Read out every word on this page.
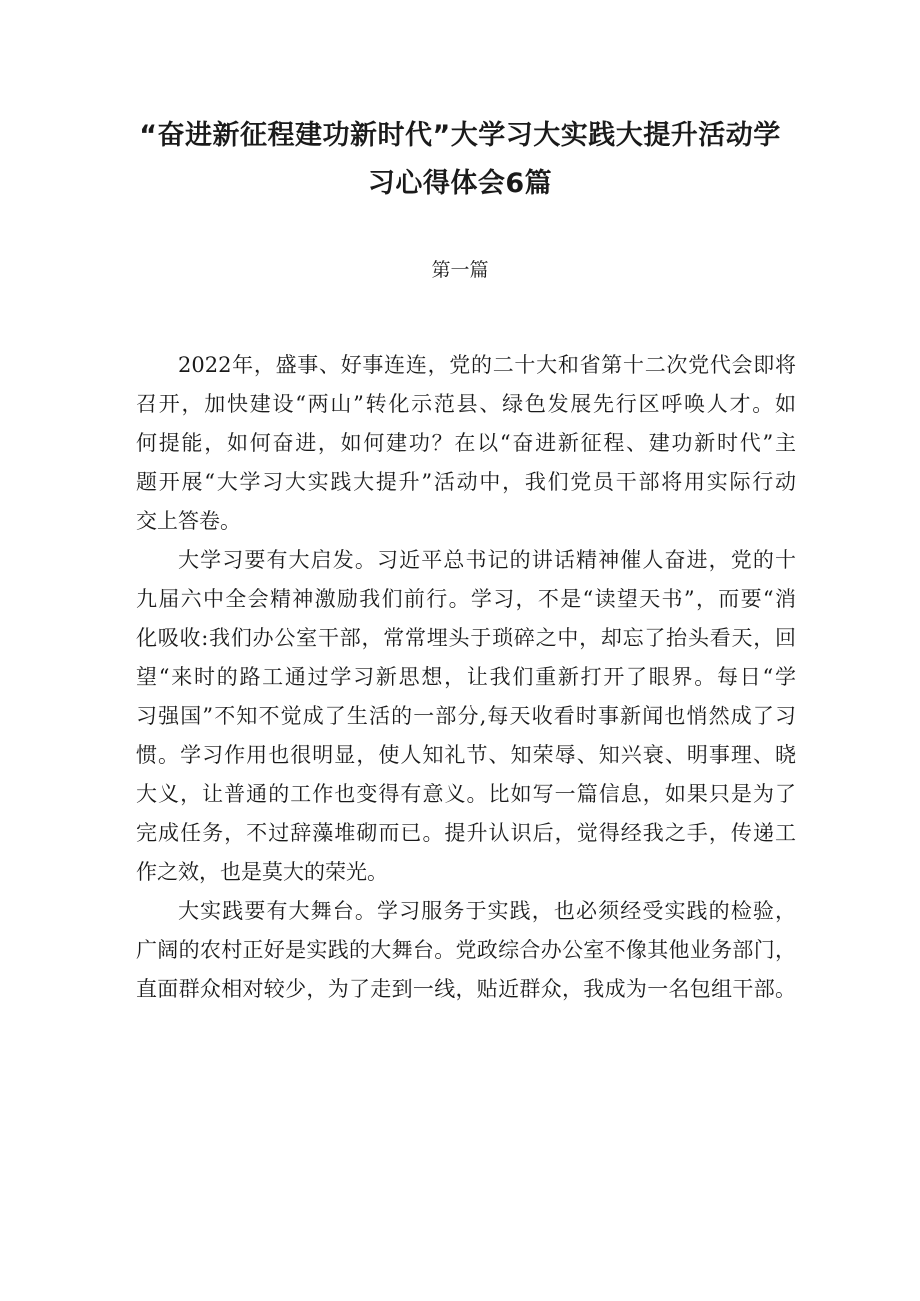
“奋进新征程建功新时代”大学习大实践大提升活动学
习心得体会6篇
第一篇
2022年，盛事、好事连连，党的二十大和省第十二次党代会即将
召开，加快建设“两山”转化示范县、绿色发展先行区呼唤人才。如
何提能，如何奋进，如何建功？在以“奋进新征程、建功新时代”主
题开展“大学习大实践大提升”活动中，我们党员干部将用实际行动
交上答卷。
大学习要有大启发。习近平总书记的讲话精神催人奋进，党的十
九届六中全会精神激励我们前行。学习，不是“读望天书”，而要“消
化吸收:我们办公室干部，常常埋头于琐碎之中，却忘了抬头看天，回
望“来时的路工通过学习新思想，让我们重新打开了眼界。每日“学
习强国”不知不觉成了生活的一部分,每天收看时事新闻也悄然成了习
惯。学习作用也很明显，使人知礼节、知荣辱、知兴衰、明事理、晓
大义，让普通的工作也变得有意义。比如写一篇信息，如果只是为了
完成任务，不过辞藻堆砌而已。提升认识后，觉得经我之手，传递工
作之效，也是莫大的荣光。
大实践要有大舞台。学习服务于实践，也必须经受实践的检验，
广阔的农村正好是实践的大舞台。党政综合办公室不像其他业务部门，
直面群众相对较少，为了走到一线，贴近群众，我成为一名包组干部。
